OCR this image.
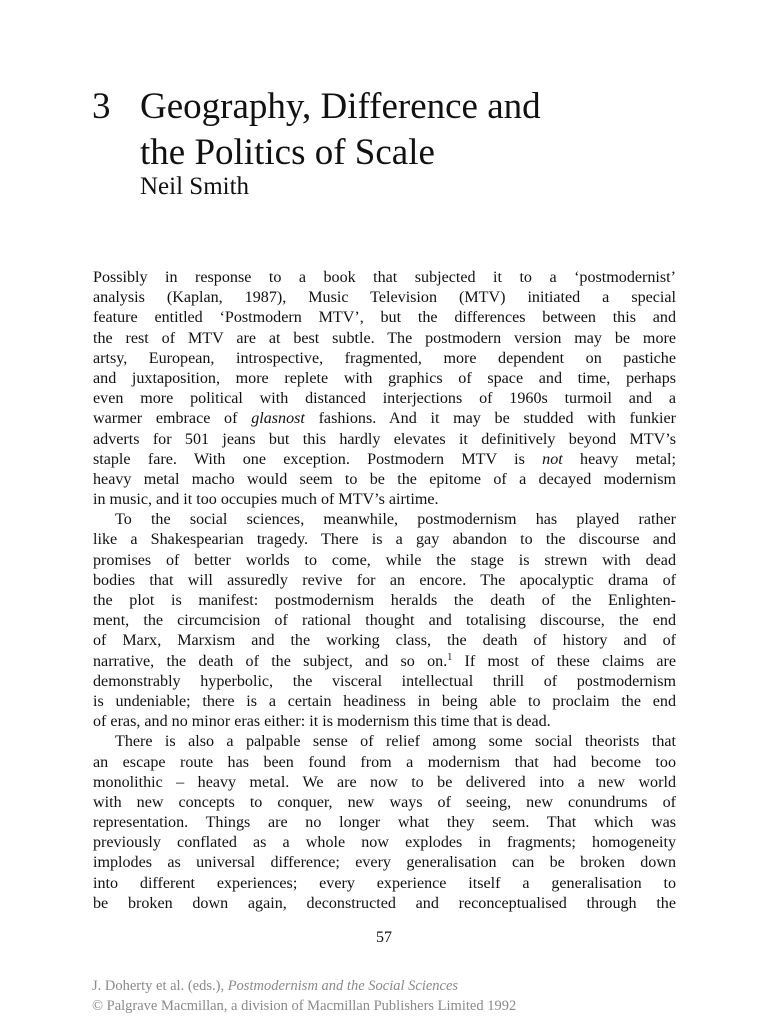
3 Geography, Difference and
the Politics of Scale
Neil Smith
Possibly in response to a book that subjected it to a ‘postmodernist’
analysis (Kaplan, 1987), Music Television (MTV) initiated a special
feature entitled ‘Postmodern MTV’, but the differences between this and
the rest of MTV are at best subtle. The postmodern version may be more
artsy, European, introspective, fragmented, more dependent on pastiche
and juxtaposition, more replete with graphics of space and time, perhaps
even more political with distanced interjections of 1960s turmoil and a
warmer embrace of glasnost fashions. And it may be studded with funkier
adverts for 501 jeans but this hardly elevates it definitively beyond MTV’s
staple fare. With one exception. Postmodern MTV is not heavy metal;
heavy metal macho would seem to be the epitome of a decayed modernism
in music, and it too occupies much of MTV’s airtime.
To the social sciences, meanwhile, postmodernism has played rather
like a Shakespearian tragedy. There is a gay abandon to the discourse and
promises of better worlds to come, while the stage is strewn with dead
bodies that will assuredly revive for an encore. The apocalyptic drama of
the plot is manifest: postmodernism heralds the death of the Enlighten-
ment, the circumcision of rational thought and totalising discourse, the end
of Marx, Marxism and the working class, the death of history and of
narrative, the death of the subject, and so on.$^1$ If most of these claims are
demonstrably hyperbolic, the visceral intellectual thrill of postmodernism
is undeniable; there is a certain headiness in being able to proclaim the end
of eras, and no minor eras either: it is modernism this time that is dead.
There is also a palpable sense of relief among some social theorists that
an escape route has been found from a modernism that had become too
monolithic – heavy metal. We are now to be delivered into a new world
with new concepts to conquer, new ways of seeing, new conundrums of
representation. Things are no longer what they seem. That which was
previously conflated as a whole now explodes in fragments; homogeneity
implodes as universal difference; every generalisation can be broken down
into different experiences; every experience itself a generalisation to
be broken down again, deconstructed and reconceptualised through the
57
J. Doherty et al. (eds.), Postmodernism and the Social Sciences
© Palgrave Macmillan, a division of Macmillan Publishers Limited 1992
